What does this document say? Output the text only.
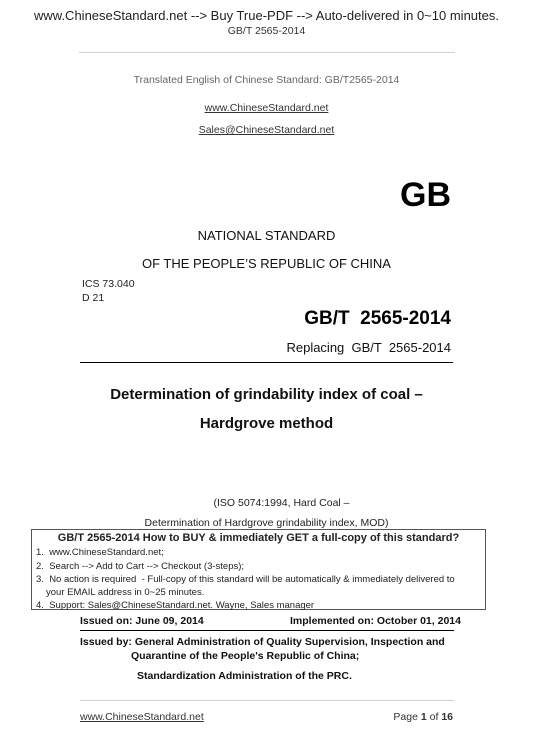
www.ChineseStandard.net --> Buy True-PDF --> Auto-delivered in 0~10 minutes.
GB/T 2565-2014
Translated English of Chinese Standard: GB/T2565-2014
www.ChineseStandard.net
Sales@ChineseStandard.net
GB
NATIONAL STANDARD
OF THE PEOPLE’S REPUBLIC OF CHINA
ICS 73.040
D 21
GB/T  2565-2014
Replacing  GB/T  2565-2014
Determination of grindability index of coal –
Hardgrove method
(ISO 5074:1994, Hard Coal –
Determination of Hardgrove grindability index, MOD)
GB/T 2565-2014 How to BUY & immediately GET a full-copy of this standard?
1.  www.ChineseStandard.net;
2.  Search --> Add to Cart --> Checkout (3-steps);
3.  No action is required  - Full-copy of this standard will be automatically & immediately delivered to
your EMAIL address in 0~25 minutes.
4.  Support: Sales@ChineseStandard.net. Wayne, Sales manager
Issued on: June 09, 2014	Implemented on: October 01, 2014
Issued by: General Administration of Quality Supervision, Inspection and
Quarantine of the People's Republic of China;
Standardization Administration of the PRC.
www.ChineseStandard.net	Page 1 of 16
